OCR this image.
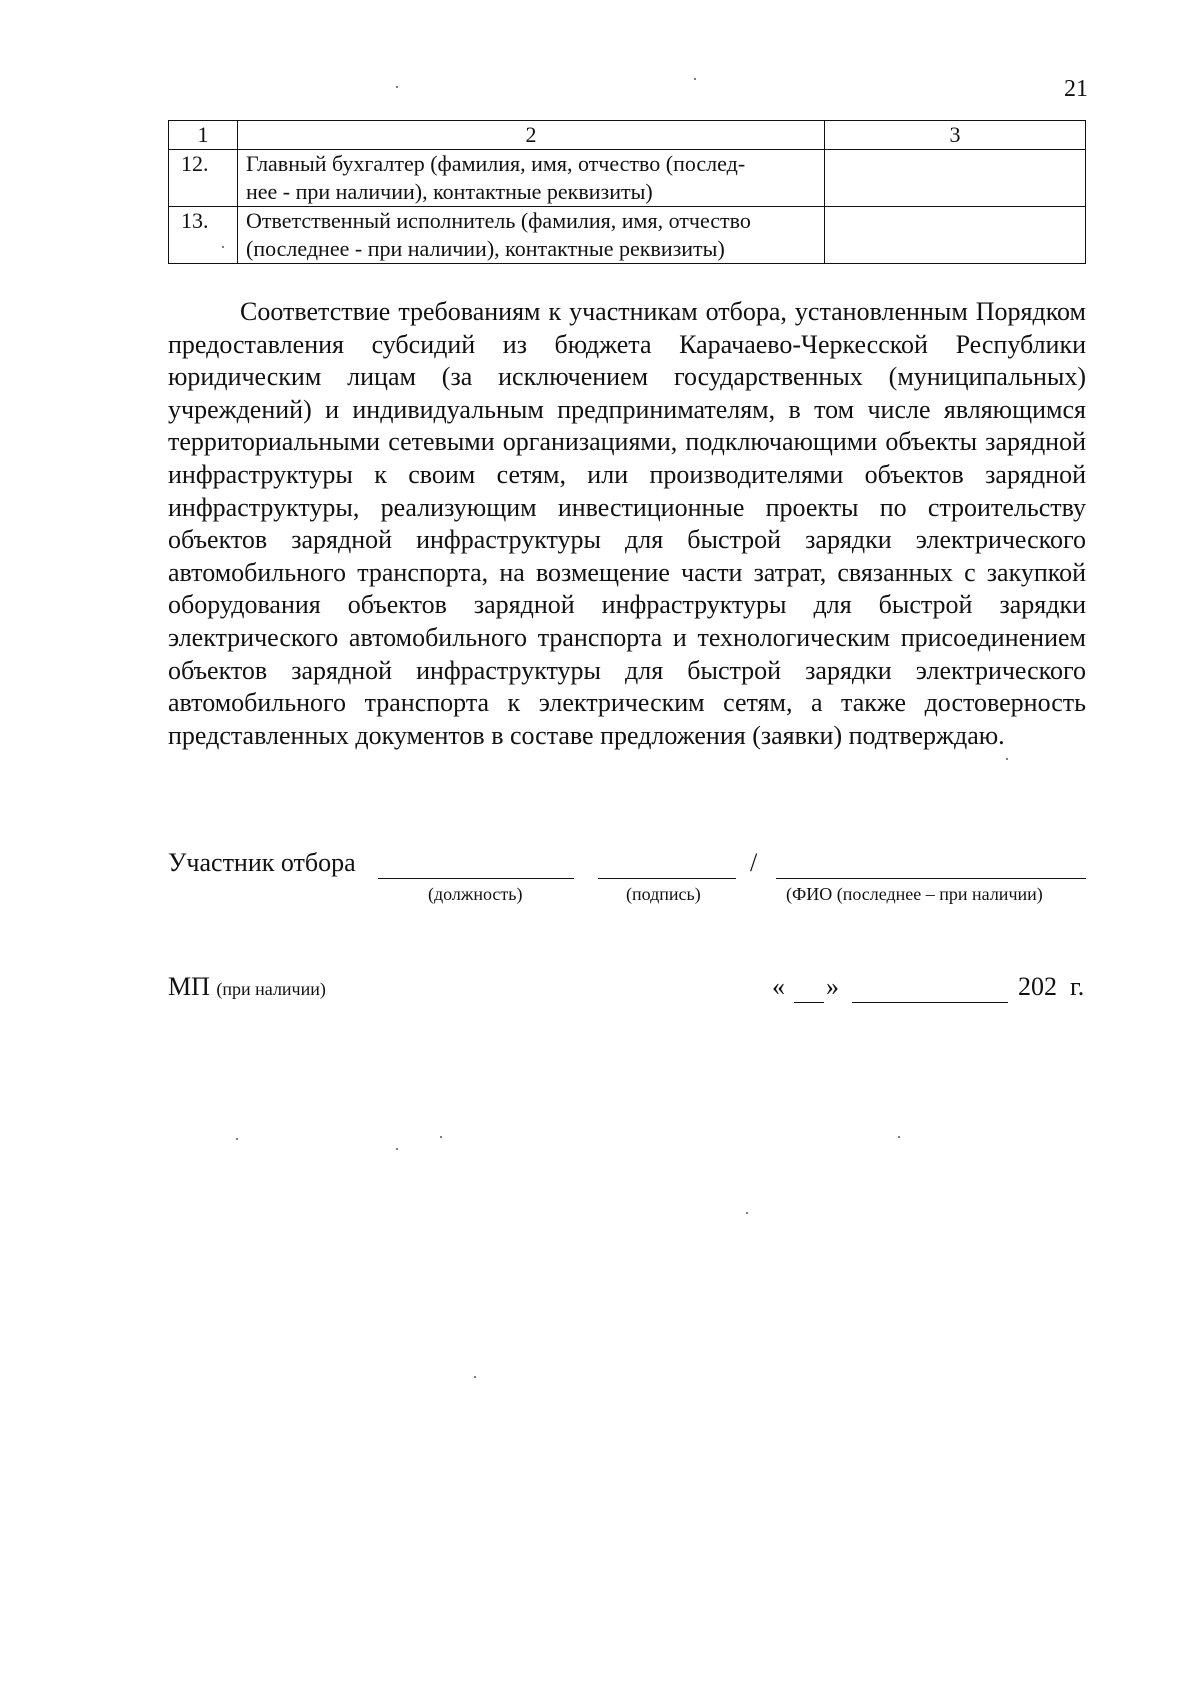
21
1	2	3
12.	Главный бухгалтер (фамилия, имя, отчество (послед-
нее - при наличии), контактные реквизиты)	

13.	Ответственный исполнитель (фамилия, имя, отчество
(последнее - при наличии), контактные реквизиты)	

Соответствие требованиям к участникам отбора, установленным Порядком предоставления субсидий из бюджета Карачаево-Черкесской Республики юридическим лицам (за исключением государственных (муниципальных) учреждений) и индивидуальным предпринимателям, в том числе являющимся территориальными сетевыми организациями, подключающими объекты зарядной инфраструктуры к своим сетям, или производителями объектов зарядной инфраструктуры, реализующим инвестиционные проекты по строительству объектов зарядной инфраструктуры для быстрой зарядки электрического автомобильного транспорта, на возмещение части затрат, связанных с закупкой оборудования объектов зарядной инфраструктуры для быстрой зарядки электрического автомобильного транспорта и технологическим присоединением объектов зарядной инфраструктуры для быстрой зарядки электрического автомобильного транспорта к электрическим сетям, а также достоверность представленных документов в составе предложения (заявки) подтверждаю.

Участник отбора	/
(должность)	(подпись)	(ФИО (последнее – при наличии)
МП (при наличии)	« »	202 г.
